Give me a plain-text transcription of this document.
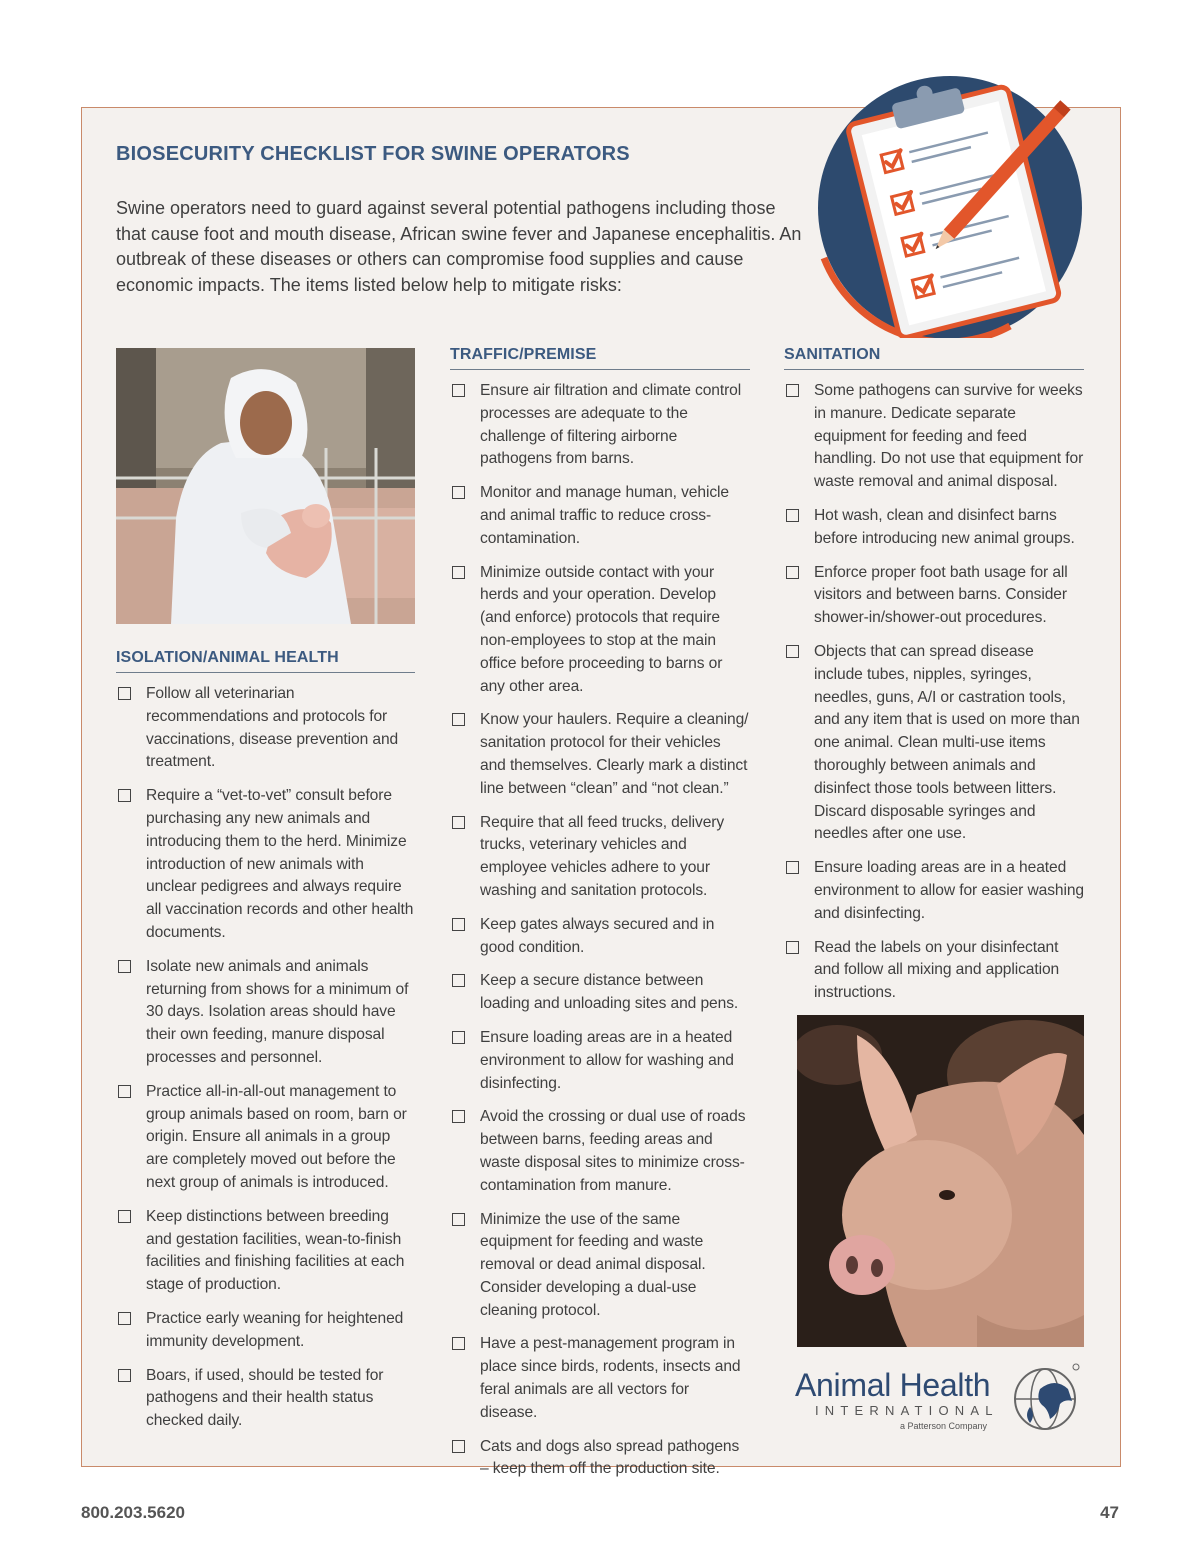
BIOSECURITY CHECKLIST FOR SWINE OPERATORS
Swine operators need to guard against several potential pathogens including those that cause foot and mouth disease, African swine fever and Japanese encephalitis. An outbreak of these diseases or others can compromise food supplies and cause economic impacts. The items listed below help to mitigate risks:
ISOLATION/ANIMAL HEALTH
Follow all veterinarian recommendations and protocols for vaccinations, disease prevention and treatment.
Require a “vet-to-vet” consult before purchasing any new animals and introducing them to the herd. Minimize introduction of new animals with unclear pedigrees and always require all vaccination records and other health documents.
Isolate new animals and animals returning from shows for a minimum of 30 days. Isolation areas should have their own feeding, manure disposal processes and personnel.
Practice all-in-all-out management to group animals based on room, barn or origin. Ensure all animals in a group are completely moved out before the next group of animals is introduced.
Keep distinctions between breeding and gestation facilities, wean-to-finish facilities and finishing facilities at each stage of production.
Practice early weaning for heightened immunity development.
Boars, if used, should be tested for pathogens and their health status checked daily.
TRAFFIC/PREMISE
Ensure air filtration and climate control processes are adequate to the challenge of filtering airborne pathogens from barns.
Monitor and manage human, vehicle and animal traffic to reduce cross-contamination.
Minimize outside contact with your herds and your operation. Develop (and enforce) protocols that require non-employees to stop at the main office before proceeding to barns or any other area.
Know your haulers. Require a cleaning/ sanitation protocol for their vehicles and themselves. Clearly mark a distinct line between “clean” and “not clean.”
Require that all feed trucks, delivery trucks, veterinary vehicles and employee vehicles adhere to your washing and sanitation protocols.
Keep gates always secured and in good condition.
Keep a secure distance between loading and unloading sites and pens.
Ensure loading areas are in a heated environment to allow for washing and disinfecting.
Avoid the crossing or dual use of roads between barns, feeding areas and waste disposal sites to minimize cross-contamination from manure.
Minimize the use of the same equipment for feeding and waste removal or dead animal disposal. Consider developing a dual-use cleaning protocol.
Have a pest-management program in place since birds, rodents, insects and feral animals are all vectors for disease.
Cats and dogs also spread pathogens – keep them off the production site.
SANITATION
Some pathogens can survive for weeks in manure. Dedicate separate equipment for feeding and feed handling. Do not use that equipment for waste removal and animal disposal.
Hot wash, clean and disinfect barns before introducing new animal groups.
Enforce proper foot bath usage for all visitors and between barns. Consider shower-in/shower-out procedures.
Objects that can spread disease include tubes, nipples, syringes, needles, guns, A/I or castration tools, and any item that is used on more than one animal. Clean multi-use items thoroughly between animals and disinfect those tools between litters. Discard disposable syringes and needles after one use.
Ensure loading areas are in a heated environment to allow for easier washing and disinfecting.
Read the labels on your disinfectant and follow all mixing and application instructions.
Animal Health
INTERNATIONAL
a Patterson Company
800.203.5620	47
